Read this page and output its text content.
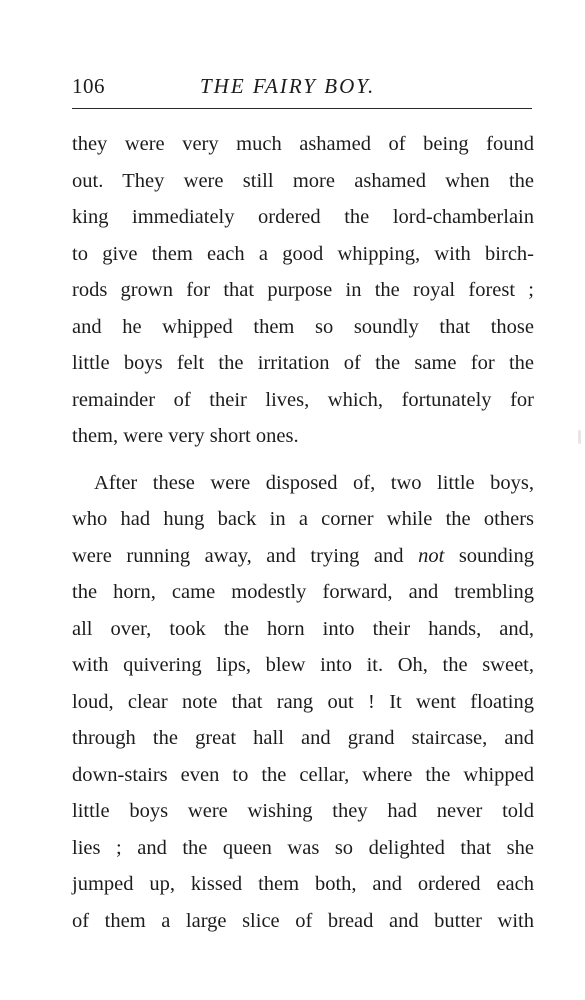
106	THE FAIRY BOY.
they were very much ashamed of being found
out. They were still more ashamed when the
king immediately ordered the lord-chamberlain
to give them each a good whipping, with birch-
rods grown for that purpose in the royal forest ;
and he whipped them so soundly that those
little boys felt the irritation of the same for the
remainder of their lives, which, fortunately for
them, were very short ones.
After these were disposed of, two little boys,
who had hung back in a corner while the others
were running away, and trying and not sounding
the horn, came modestly forward, and trembling
all over, took the horn into their hands, and,
with quivering lips, blew into it. Oh, the sweet,
loud, clear note that rang out ! It went floating
through the great hall and grand staircase, and
down-stairs even to the cellar, where the whipped
little boys were wishing they had never told
lies ; and the queen was so delighted that she
jumped up, kissed them both, and ordered each
of them a large slice of bread and butter with
